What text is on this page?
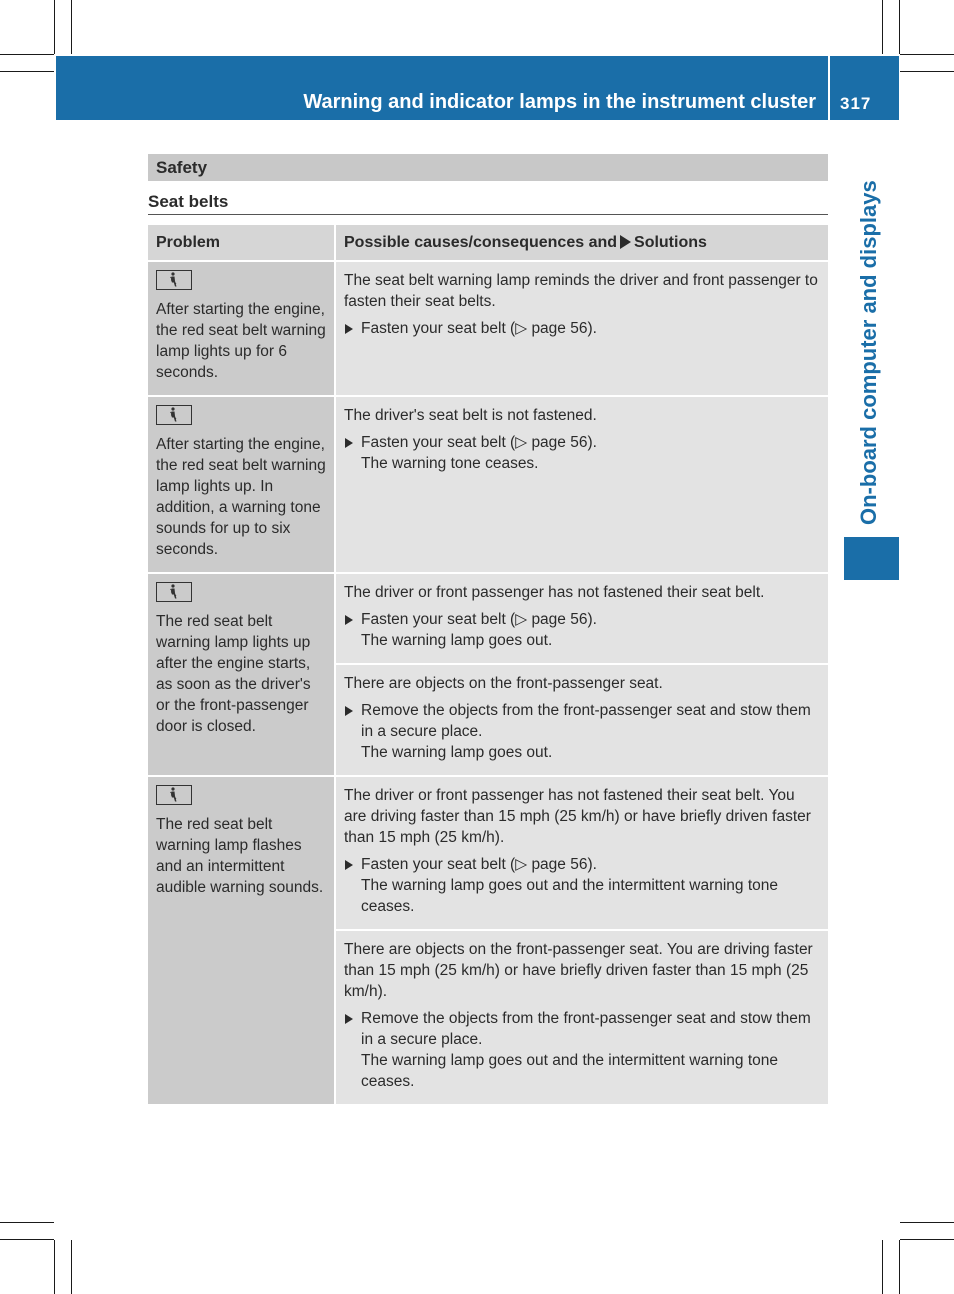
Warning and indicator lamps in the instrument cluster 317
On-board computer and displays
Safety
Seat belts
Problem	Possible causes/consequences and Solutions

After starting the engine, the red seat belt warning lamp lights up for 6 seconds.	The seat belt warning lamp reminds the driver and front passenger to fasten their seat belts.

Fasten your seat belt (▷ page 56).

After starting the engine, the red seat belt warning lamp lights up. In addition, a warning tone sounds for up to six seconds.	The driver's seat belt is not fastened.

Fasten your seat belt (▷ page 56).

The warning tone ceases.

The red seat belt warning lamp lights up after the engine starts, as soon as the driver's or the front-passenger door is closed.	The driver or front passenger has not fastened their seat belt.

Fasten your seat belt (▷ page 56).

The warning lamp goes out.

	There are objects on the front-passenger seat.

Remove the objects from the front-passenger seat and stow them in a secure place.

The warning lamp goes out.

The red seat belt warning lamp flashes and an intermittent audible warning sounds.	The driver or front passenger has not fastened their seat belt. You are driving faster than 15 mph (25 km/h) or have briefly driven faster than 15 mph (25 km/h).

Fasten your seat belt (▷ page 56).

The warning lamp goes out and the intermittent warning tone ceases.

	There are objects on the front-passenger seat. You are driving faster than 15 mph (25 km/h) or have briefly driven faster than 15 mph (25 km/h).

Remove the objects from the front-passenger seat and stow them in a secure place.

The warning lamp goes out and the intermittent warning tone ceases.
